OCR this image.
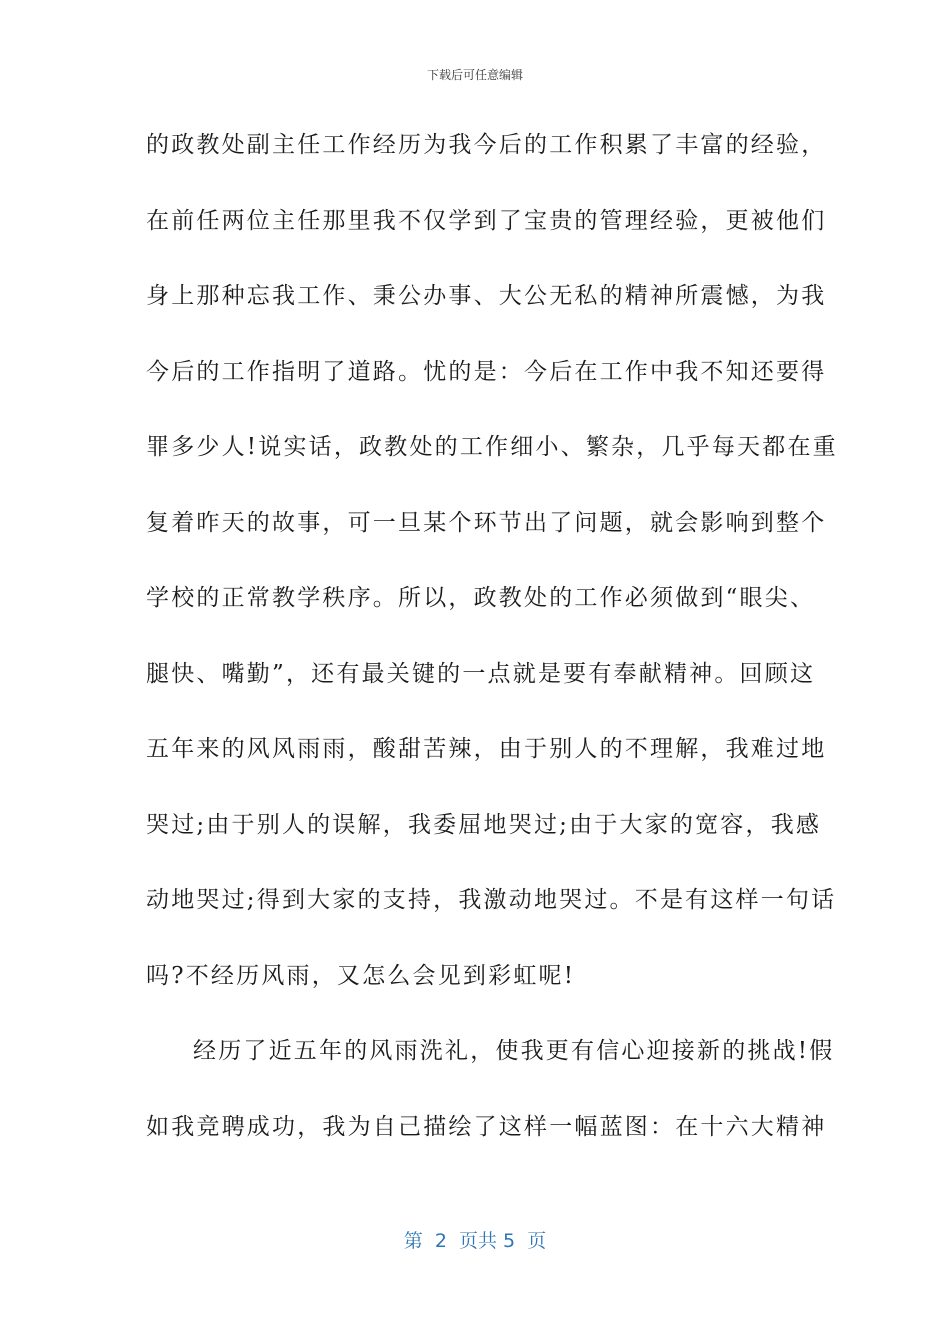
下载后可任意编辑
的政教处副主任工作经历为我今后的工作积累了丰富的经验，
在前任两位主任那里我不仅学到了宝贵的管理经验，更被他们
身上那种忘我工作、秉公办事、大公无私的精神所震憾，为我
今后的工作指明了道路。忧的是：今后在工作中我不知还要得
罪多少人!说实话，政教处的工作细小、繁杂，几乎每天都在重
复着昨天的故事，可一旦某个环节出了问题，就会影响到整个
学校的正常教学秩序。所以，政教处的工作必须做到“眼尖、
腿快、嘴勤”，还有最关键的一点就是要有奉献精神。回顾这
五年来的风风雨雨，酸甜苦辣，由于别人的不理解，我难过地
哭过;由于别人的误解，我委屈地哭过;由于大家的宽容，我感
动地哭过;得到大家的支持，我激动地哭过。不是有这样一句话
吗?不经历风雨，又怎么会见到彩虹呢!
经历了近五年的风雨洗礼，使我更有信心迎接新的挑战!假
如我竞聘成功，我为自己描绘了这样一幅蓝图：在十六大精神
第  2  页共 5  页
